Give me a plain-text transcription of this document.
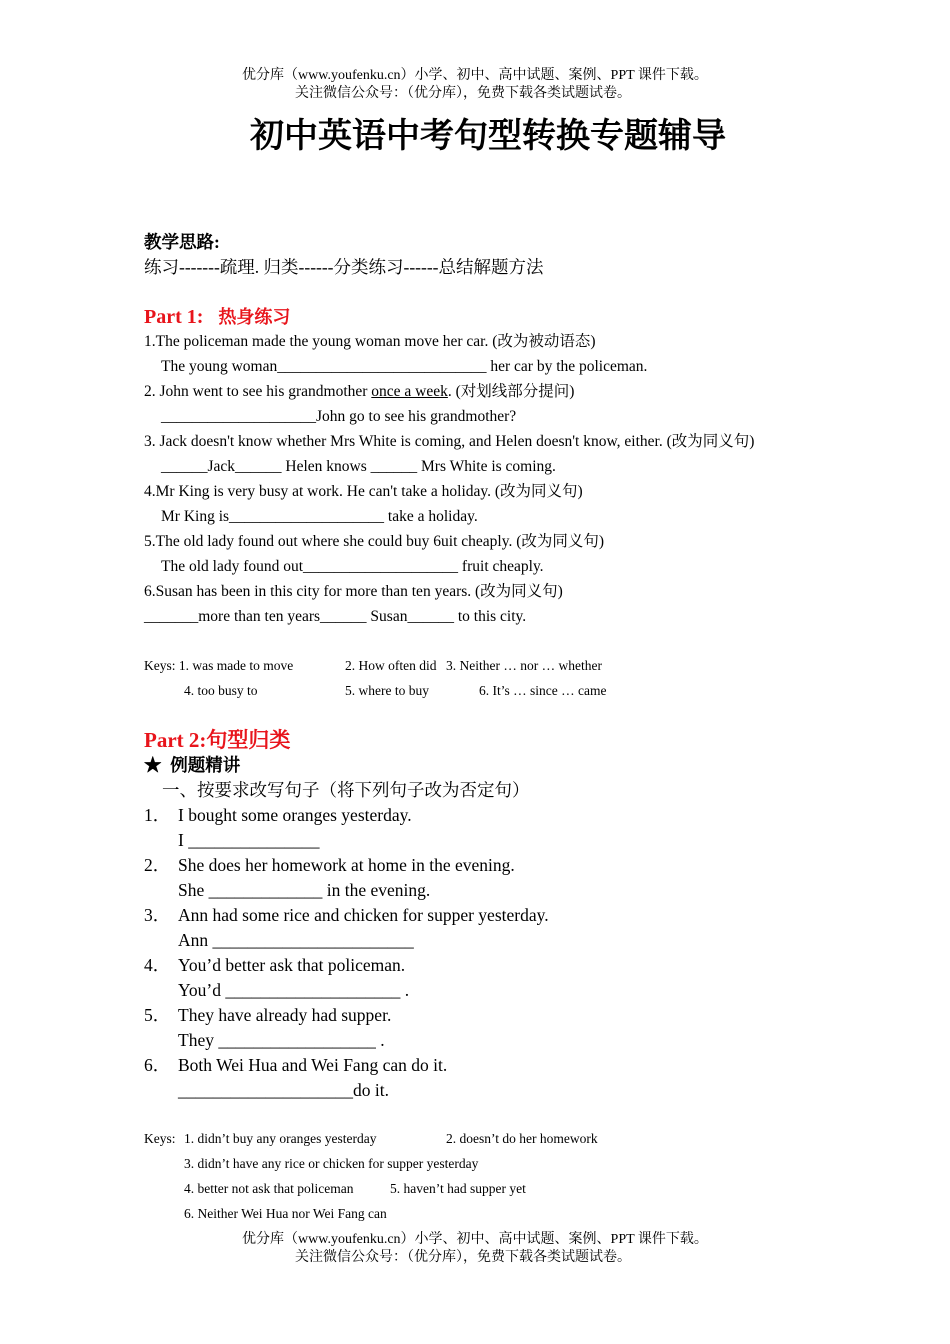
优分库（www.youfenku.cn）小学、初中、高中试题、案例、PPT 课件下载。
关注微信公众号：（优分库），免费下载各类试题试卷。
初中英语中考句型转换专题辅导
教学思路:
练习-------疏理. 归类------分类练习------总结解题方法
Part 1: 热身练习
1.The policeman made the young woman move her car. (改为被动语态)
The young woman___________________________ her car by the policeman.
2. John went to see his grandmother once a week. (对划线部分提问)
____________________John go to see his grandmother?
3. Jack doesn't know whether Mrs White is coming, and Helen doesn't know, either. (改为同义句)
______Jack______ Helen knows ______ Mrs White is coming.
4.Mr King is very busy at work. He can't take a holiday. (改为同义句)
Mr King is____________________ take a holiday.
5.The old lady found out where she could buy 6uit cheaply. (改为同义句)
The old lady found out____________________ fruit cheaply.
6.Susan has been in this city for more than ten years. (改为同义句)
_______more than ten years______ Susan______ to this city.
Keys: 1. was made to move	2. How often did 3. Neither … nor … whether
4. too busy to	5. where to buy	6. It’s … since … came
Part 2:句型归类
★ 例题精讲
一、按要求改写句子（将下列句子改为否定句）
1． I bought some oranges yesterday.
I _______________
2． She does her homework at home in the evening.
She _____________ in the evening.
3． Ann had some rice and chicken for supper yesterday.
Ann _______________________
4． You’d better ask that policeman.
You’d ____________________ .
5． They have already had supper.
They __________________ .
6． Both Wei Hua and Wei Fang can do it.
____________________do it.
Keys: 1. didn’t buy any oranges yesterday	2. doesn’t do her homework
3. didn’t have any rice or chicken for supper yesterday
4. better not ask that policeman	5. haven’t had supper yet
6. Neither Wei Hua nor Wei Fang can
优分库（www.youfenku.cn）小学、初中、高中试题、案例、PPT 课件下载。
关注微信公众号：（优分库），免费下载各类试题试卷。
